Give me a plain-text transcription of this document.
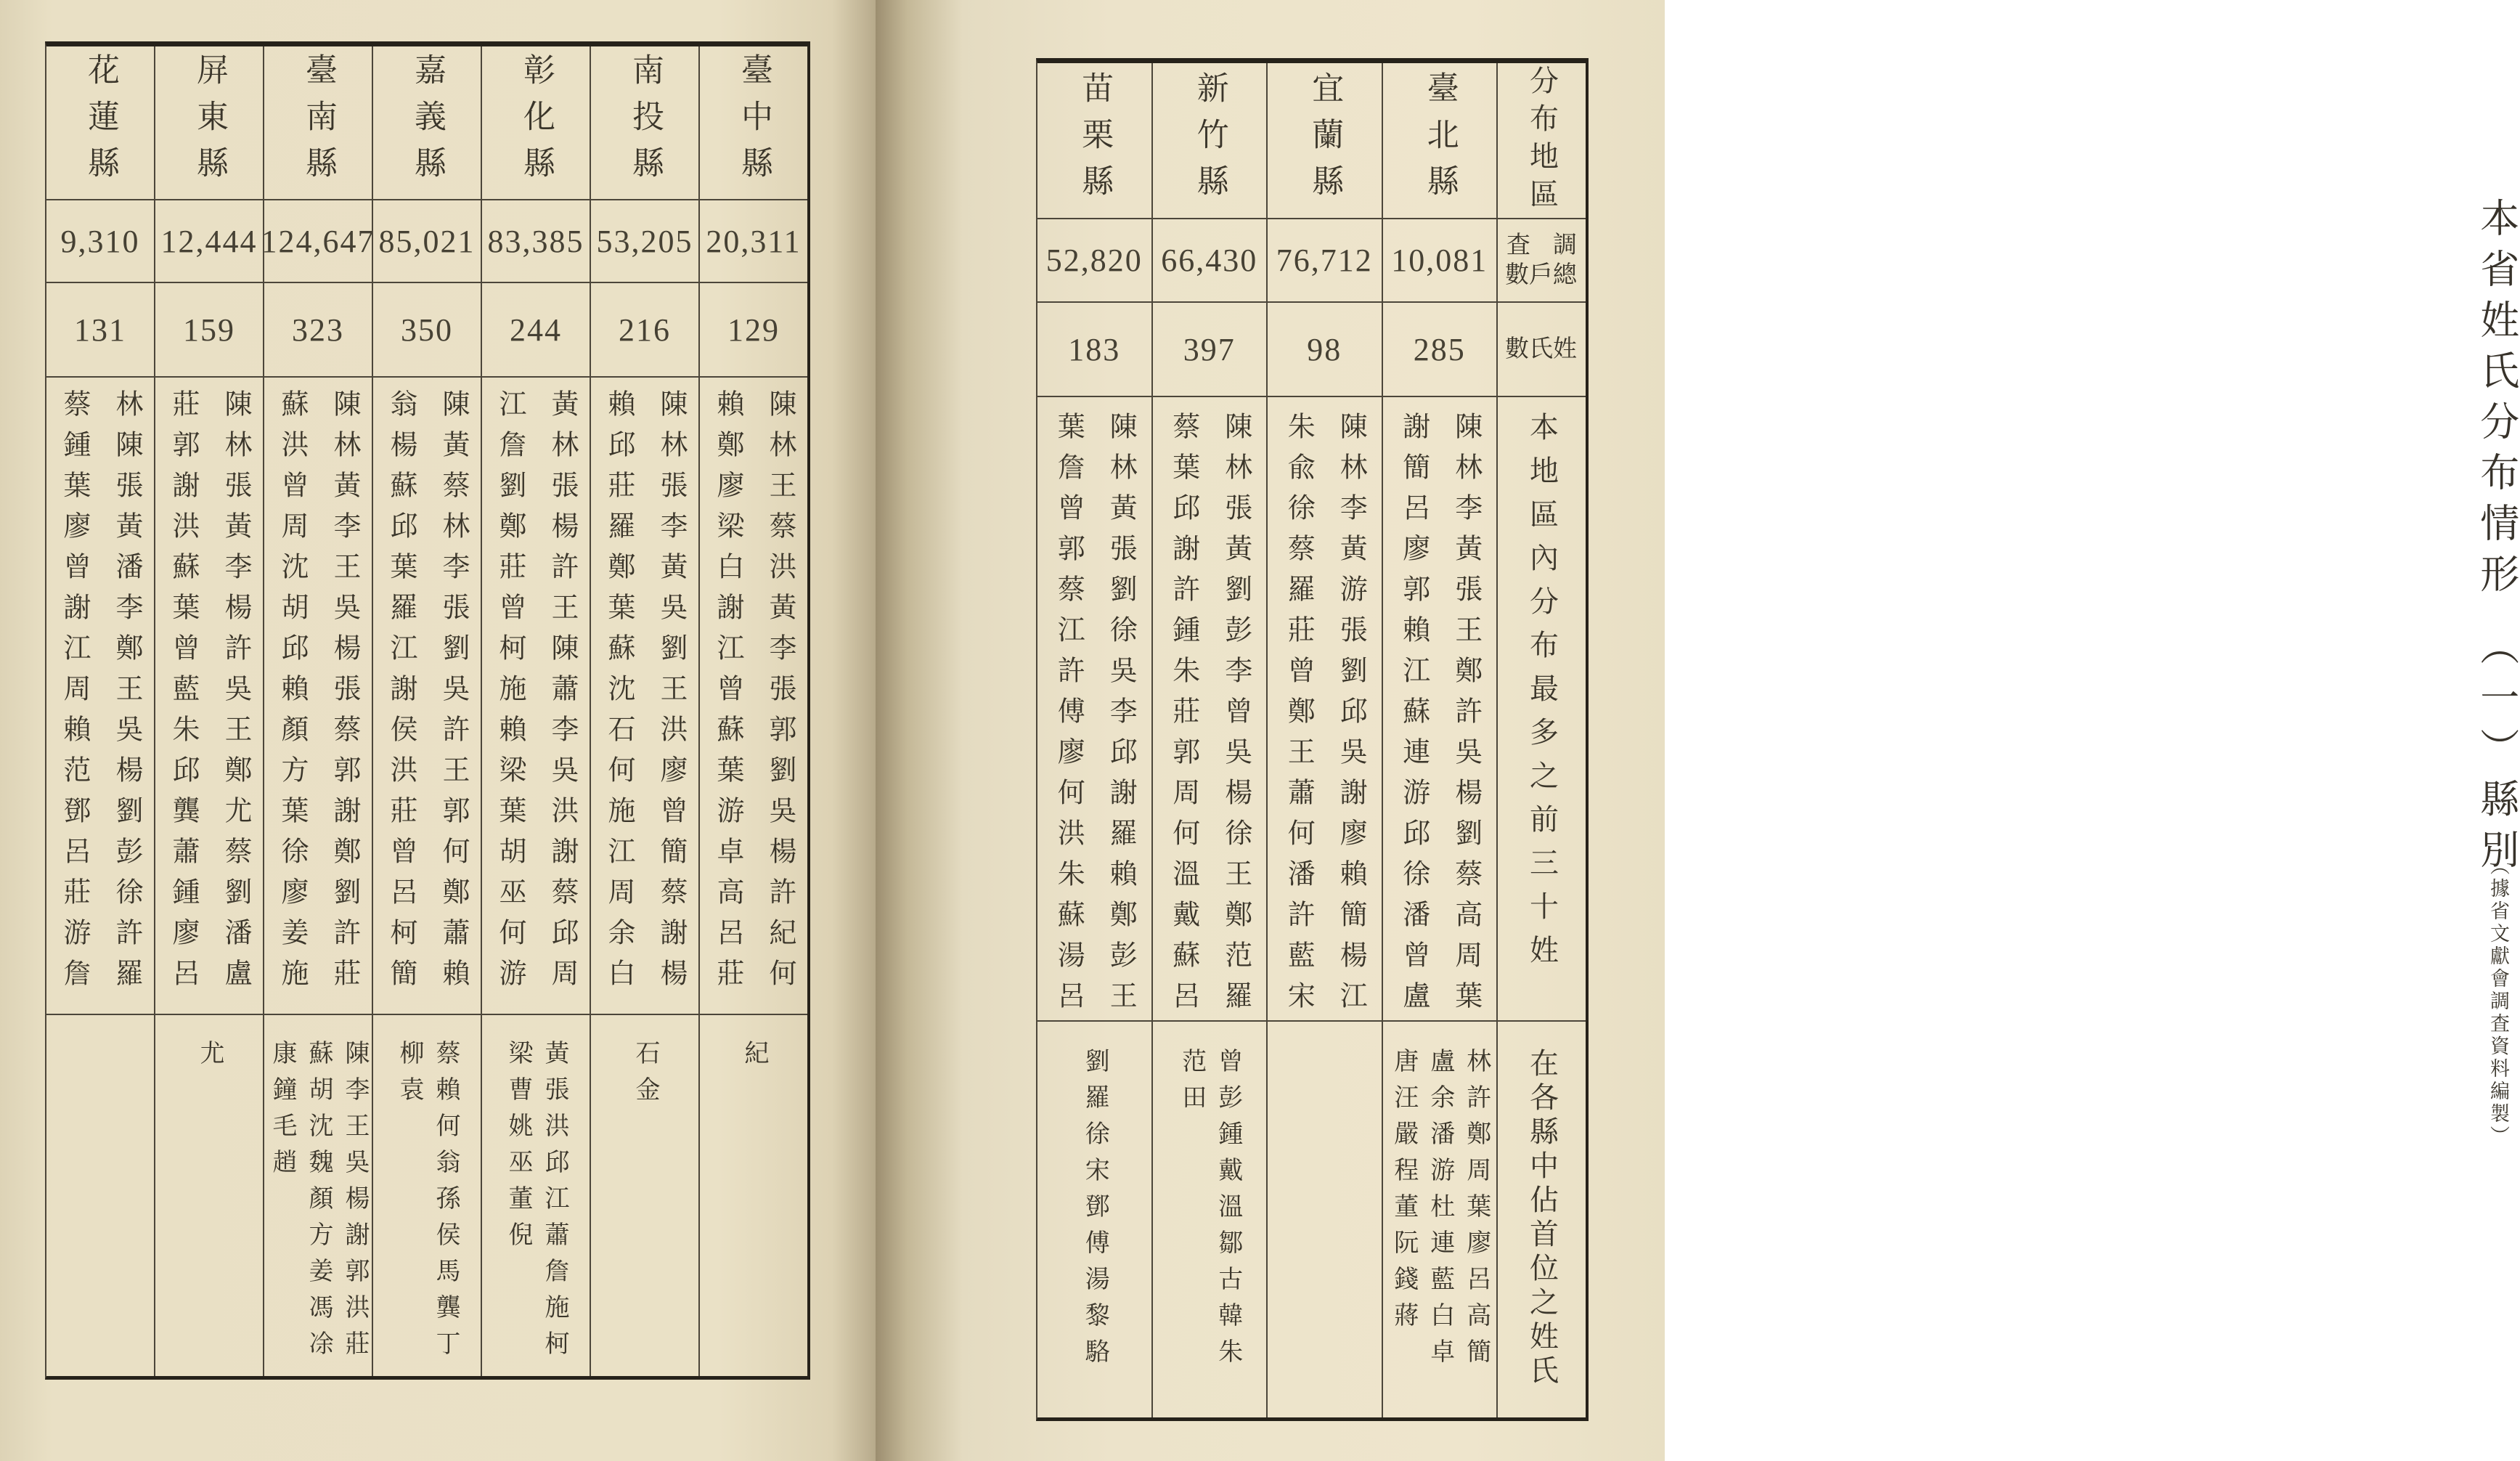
花蓮縣
9,310
131
林陳張黃潘李鄭王吳楊劉彭徐許羅
蔡鍾葉廖曾謝江周賴范鄧呂莊游詹
屏東縣
12,444
159
陳林張黃李楊許吳王鄭尤蔡劉潘盧
莊郭謝洪蘇葉曾藍朱邱龔蕭鍾廖呂
尤
臺南縣
124,647
323
陳林黃李王吳楊張蔡郭謝鄭劉許莊
蘇洪曾周沈胡邱賴顏方葉徐廖姜施
陳李王吳楊謝郭洪莊
蘇胡沈魏顏方姜馮凃
康鐘毛趙
嘉義縣
85,021
350
陳黃蔡林李張劉吳許王郭何鄭蕭賴
翁楊蘇邱葉羅江謝侯洪莊曾呂柯簡
蔡賴何翁孫侯馬龔丁
柳袁
彰化縣
83,385
244
黃林張楊許王陳蕭李吳洪謝蔡邱周
江詹劉鄭莊曾柯施賴梁葉胡巫何游
黃張洪邱江蕭詹施柯
梁曹姚巫董倪
南投縣
53,205
216
陳林張李黃吳劉王洪廖曾簡蔡謝楊
賴邱莊羅鄭葉蘇沈石何施江周余白
石金
臺中縣
20,311
129
陳林王蔡洪黃李張郭劉吳楊許紀何
賴鄭廖梁白謝江曾蘇葉游卓高呂莊
紀
苗栗縣
52,820
183
陳林黃張劉徐吳李邱謝羅賴鄭彭王
葉詹曾郭蔡江許傅廖何洪朱蘇湯呂
劉羅徐宋鄧傅湯黎駱
新竹縣
66,430
397
陳林張黃劉彭李曾吳楊徐王鄭范羅
蔡葉邱謝許鍾朱莊郭周何溫戴蘇呂
曾彭鍾戴溫鄒古韓朱
范田
宜蘭縣
76,712
98
陳林李黃游張劉邱吳謝廖賴簡楊江
朱兪徐蔡羅莊曾鄭王蕭何潘許藍宋
臺北縣
10,081
285
陳林李黃張王鄭許吳楊劉蔡高周葉
謝簡呂廖郭賴江蘇連游邱徐潘曾盧
林許鄭周葉廖呂高簡
盧余潘游杜連藍白卓
唐汪嚴程董阮錢蔣
分布地區
調
査
總
戶
數
姓
氏
數
本地區內分布最多之前三十姓
在各縣中佔首位之姓氏
本省姓氏分布情形（一）縣別
（據省文獻會調査資料編製）
